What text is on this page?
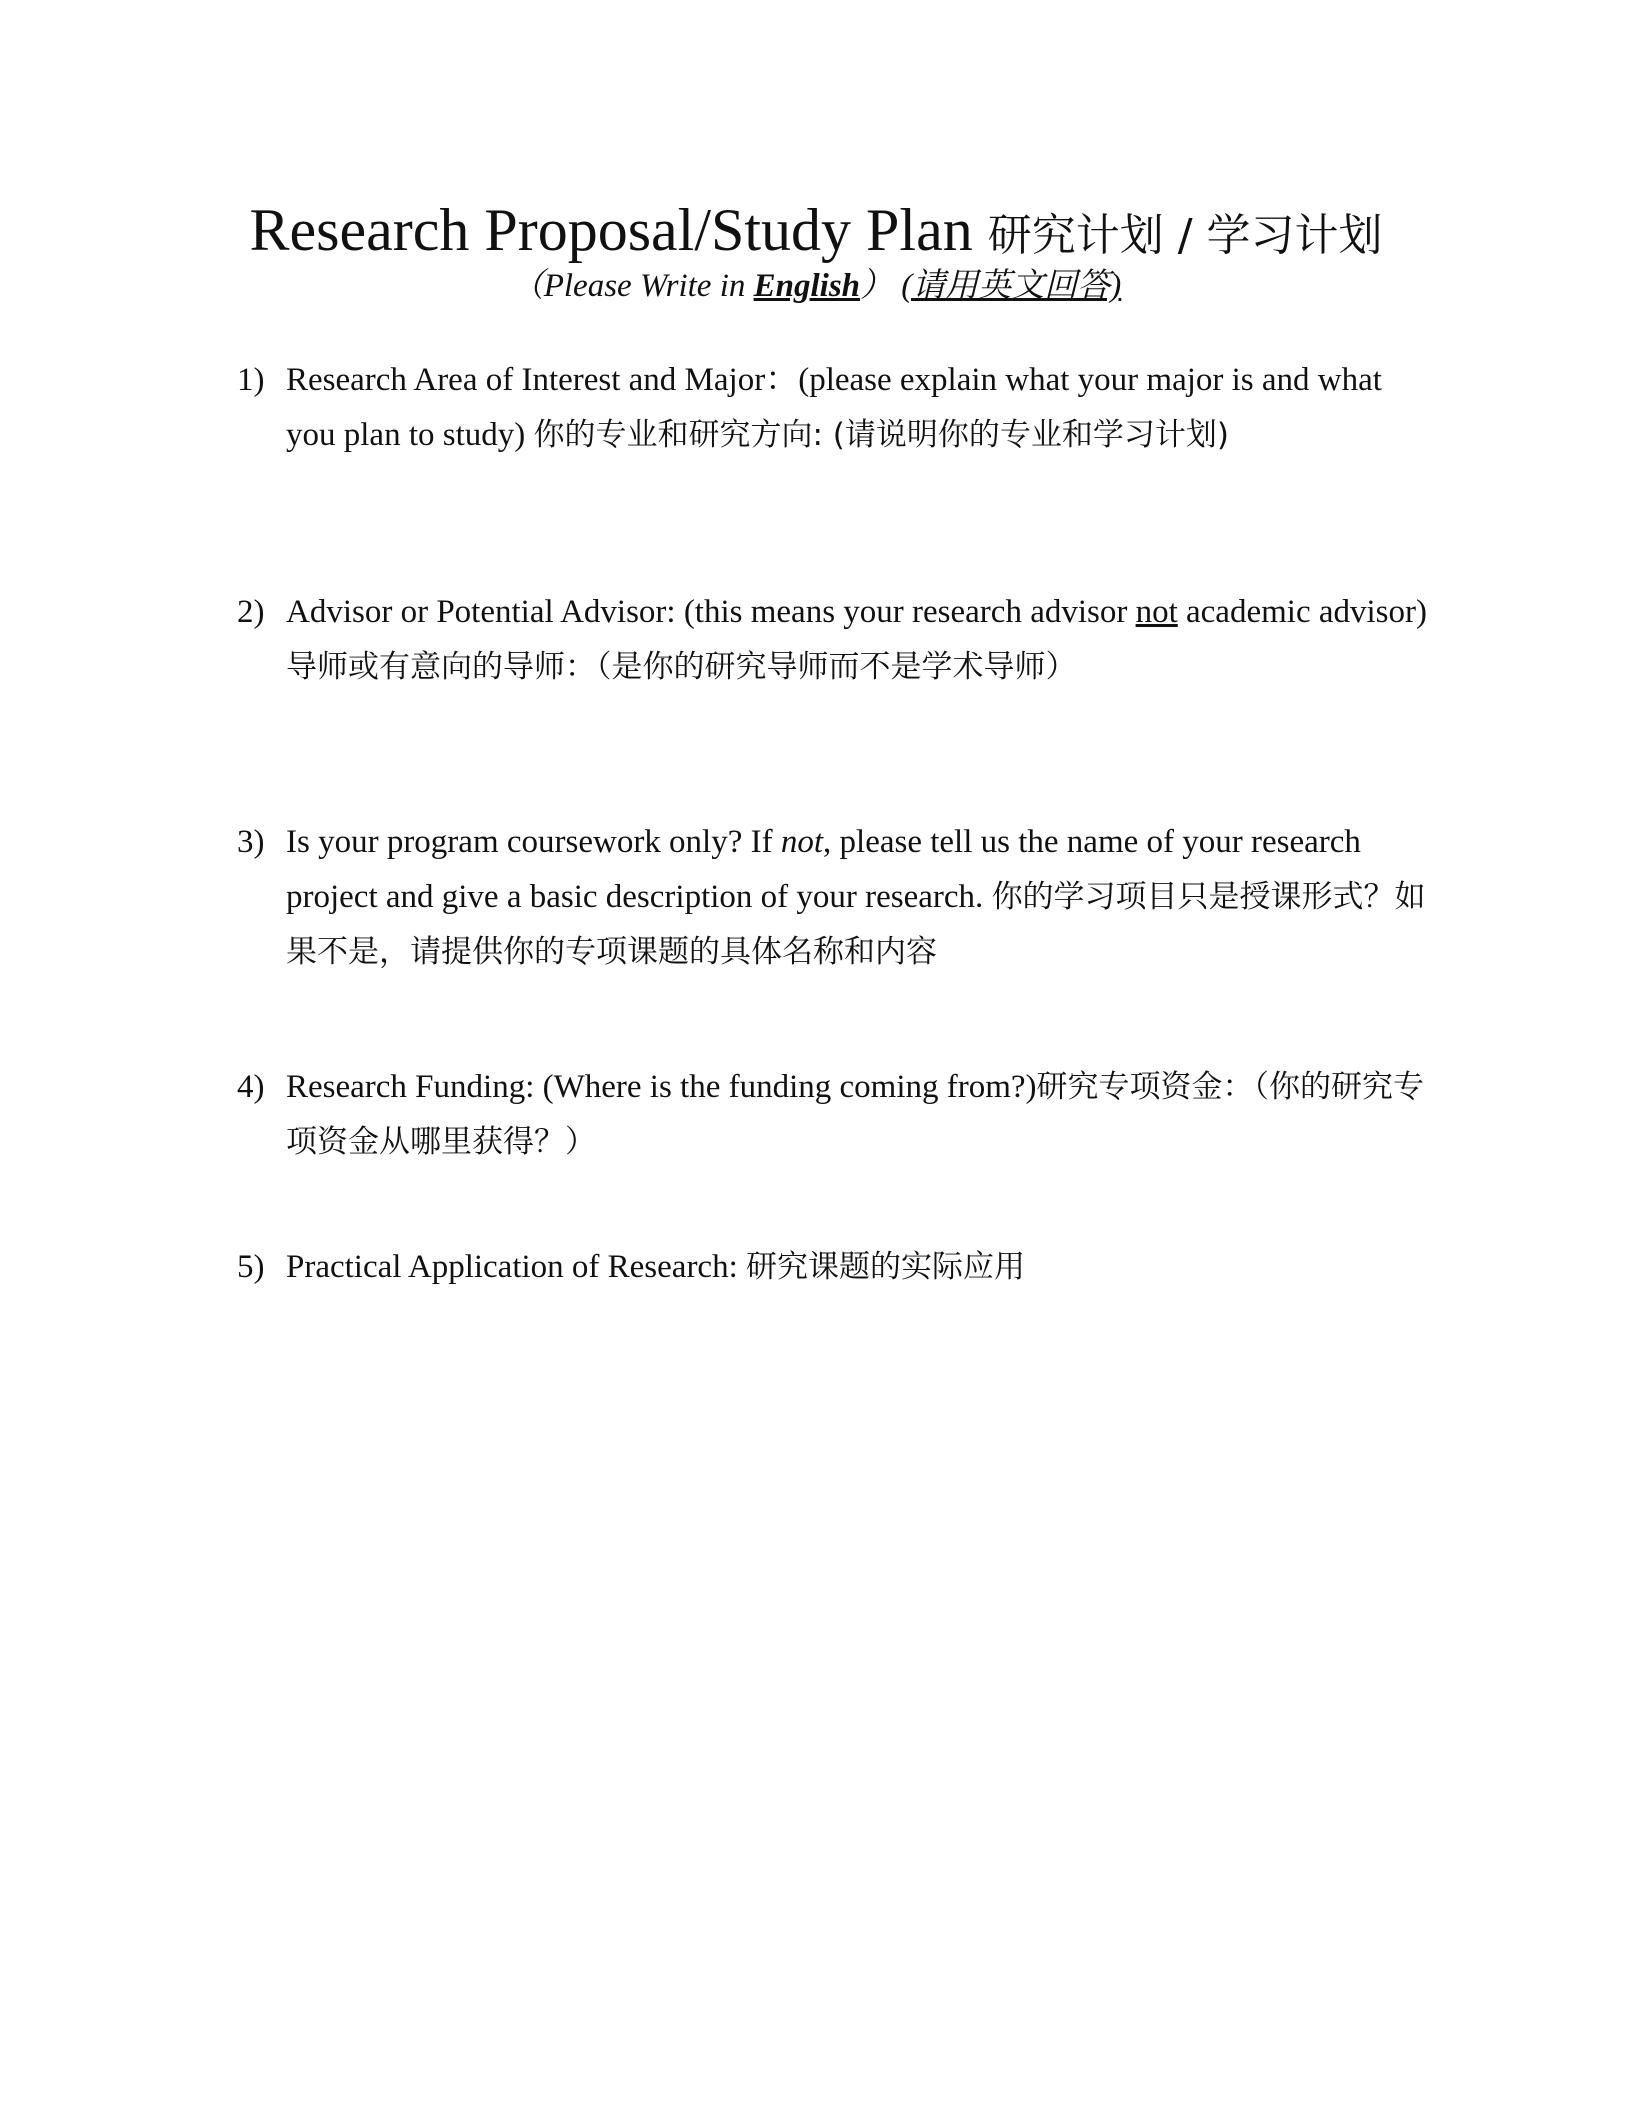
Research Proposal/Study Plan 研究计划 / 学习计划
（Please Write in English） (请用英文回答)
1) Research Area of Interest and Major：(please explain what your major is and what you plan to study) 你的专业和研究方向: (请说明你的专业和学习计划)
2) Advisor or Potential Advisor: (this means your research advisor not academic advisor) 导师或有意向的导师：（是你的研究导师而不是学术导师）
3) Is your program coursework only? If not, please tell us the name of your research project and give a basic description of your research. 你的学习项目只是授课形式？如果不是，请提供你的专项课题的具体名称和内容
4) Research Funding: (Where is the funding coming from?)研究专项资金：（你的研究专项资金从哪里获得？）
5) Practical Application of Research: 研究课题的实际应用
